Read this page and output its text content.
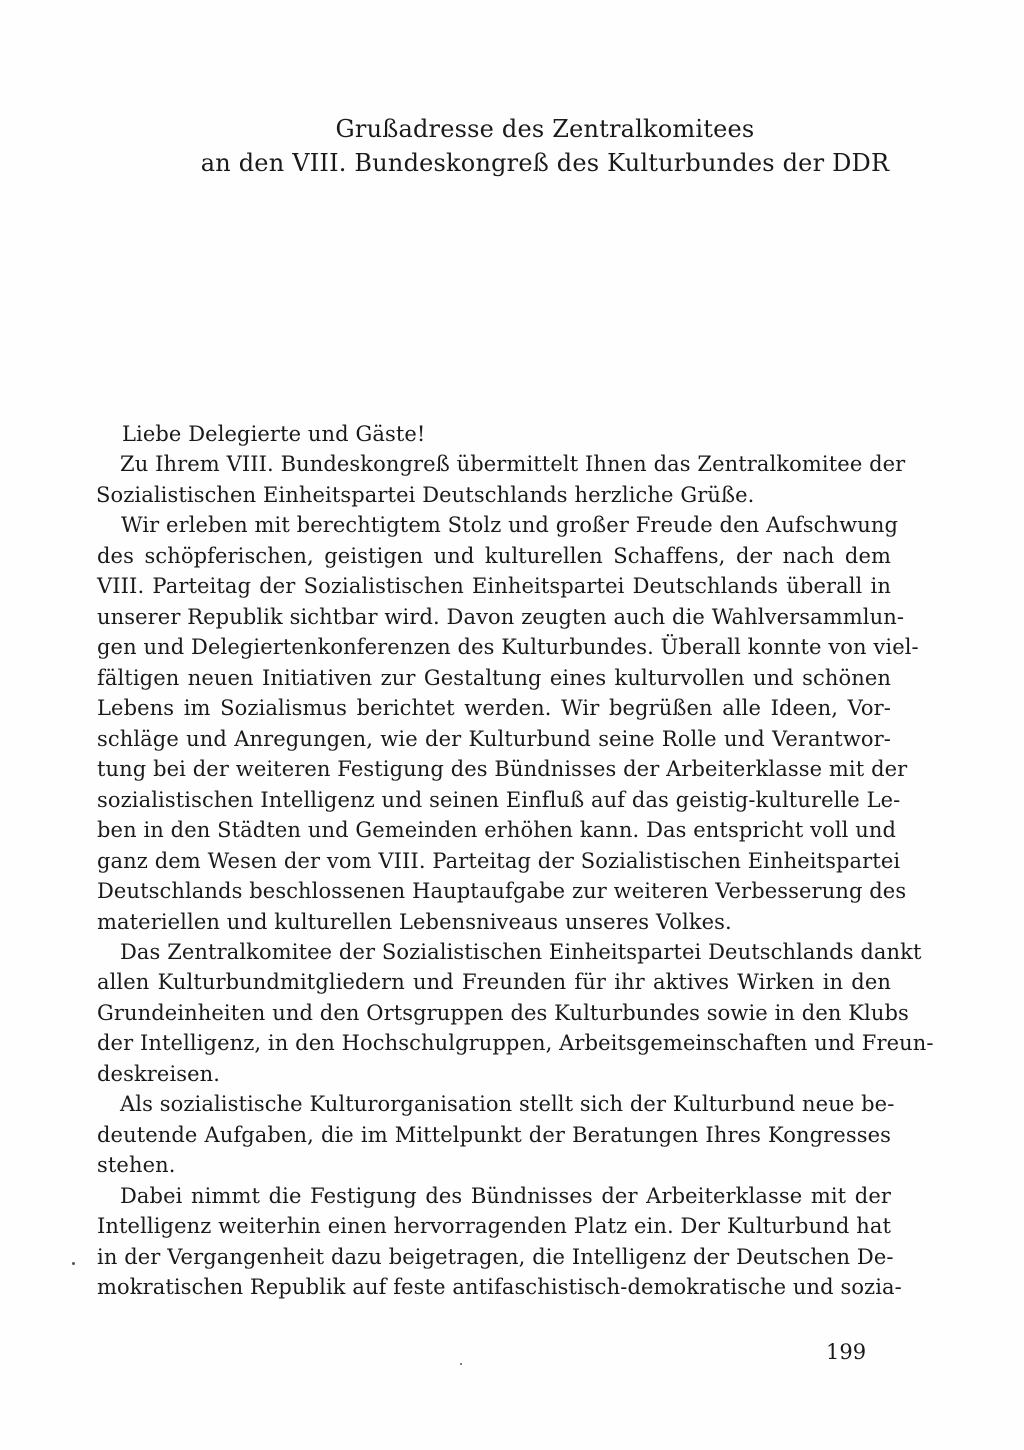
Grußadresse des Zentralkomitees
an den VIII. Bundeskongreß des Kulturbundes der DDR
Liebe Delegierte und Gäste!
Zu Ihrem VIII. Bundeskongreß übermittelt Ihnen das Zentralkomitee der
Sozialistischen Einheitspartei Deutschlands herzliche Grüße.
Wir erleben mit berechtigtem Stolz und großer Freude den Aufschwung
des schöpferischen, geistigen und kulturellen Schaffens, der nach dem
VIII. Parteitag der Sozialistischen Einheitspartei Deutschlands überall in
unserer Republik sichtbar wird. Davon zeugten auch die Wahlversammlun-
gen und Delegiertenkonferenzen des Kulturbundes. Überall konnte von viel-
fältigen neuen Initiativen zur Gestaltung eines kulturvollen und schönen
Lebens im Sozialismus berichtet werden. Wir begrüßen alle Ideen, Vor-
schläge und Anregungen, wie der Kulturbund seine Rolle und Verantwor-
tung bei der weiteren Festigung des Bündnisses der Arbeiterklasse mit der
sozialistischen Intelligenz und seinen Einfluß auf das geistig-kulturelle Le-
ben in den Städten und Gemeinden erhöhen kann. Das entspricht voll und
ganz dem Wesen der vom VIII. Parteitag der Sozialistischen Einheitspartei
Deutschlands beschlossenen Hauptaufgabe zur weiteren Verbesserung des
materiellen und kulturellen Lebensniveaus unseres Volkes.
Das Zentralkomitee der Sozialistischen Einheitspartei Deutschlands dankt
allen Kulturbundmitgliedern und Freunden für ihr aktives Wirken in den
Grundeinheiten und den Ortsgruppen des Kulturbundes sowie in den Klubs
der Intelligenz, in den Hochschulgruppen, Arbeitsgemeinschaften und Freun-
deskreisen.
Als sozialistische Kulturorganisation stellt sich der Kulturbund neue be-
deutende Aufgaben, die im Mittelpunkt der Beratungen Ihres Kongresses
stehen.
Dabei nimmt die Festigung des Bündnisses der Arbeiterklasse mit der
Intelligenz weiterhin einen hervorragenden Platz ein. Der Kulturbund hat
in der Vergangenheit dazu beigetragen, die Intelligenz der Deutschen De-
mokratischen Republik auf feste antifaschistisch-demokratische und sozia-
199
